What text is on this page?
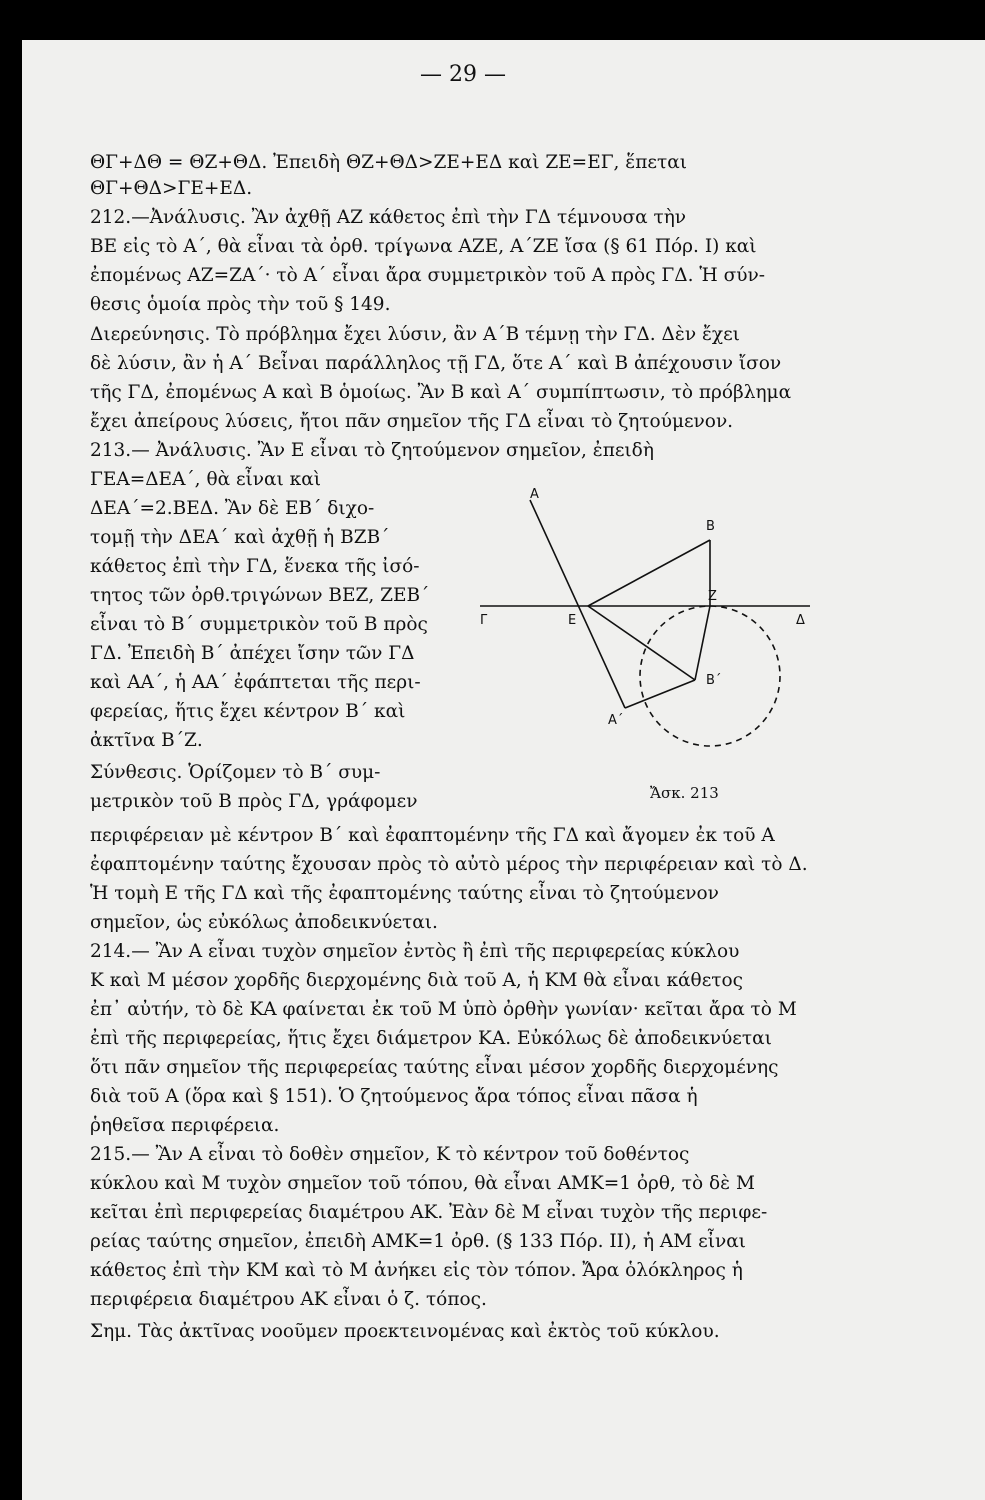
— 29 —
ΘΓ+ΔΘ = ΘΖ+ΘΔ. Ἐπειδὴ ΘΖ+ΘΔ>ΖΕ+ΕΔ καὶ ΖΕ=ΕΓ, ἕπεται
ΘΓ+ΘΔ>ΓΕ+ΕΔ.
212.—Ἀνάλυσις. Ἂν ἀχθῇ ΑΖ κάθετος ἐπὶ τὴν ΓΔ τέμνουσα τὴν
ΒΕ εἰς τὸ Α΄, θὰ εἶναι τὰ ὀρθ. τρίγωνα ΑΖΕ, Α΄ΖΕ ἴσα (§ 61 Πόρ. I) καὶ
ἐπομένως ΑΖ=ΖΑ΄· τὸ Α΄ εἶναι ἄρα συμμετρικὸν τοῦ Α πρὸς ΓΔ. Ἡ σύν-
θεσις ὁμοία πρὸς τὴν τοῦ § 149.
Διερεύνησις. Τὸ πρόβλημα ἔχει λύσιν, ἂν Α΄Β τέμνῃ τὴν ΓΔ. Δὲν ἔχει
δὲ λύσιν, ἂν ἡ Α΄ Βεἶναι παράλληλος τῇ ΓΔ, ὅτε Α΄ καὶ Β ἀπέχουσιν ἴσον
τῆς ΓΔ, ἐπομένως Α καὶ Β ὁμοίως. Ἂν Β καὶ Α΄ συμπίπτωσιν, τὸ πρόβλημα
ἔχει ἀπείρους λύσεις, ἤτοι πᾶν σημεῖον τῆς ΓΔ εἶναι τὸ ζητούμενον.
213.— Ἀνάλυσις. Ἂν Ε εἶναι τὸ ζητούμενον σημεῖον, ἐπειδὴ
ΓΕΑ=ΔΕΑ΄, θὰ εἶναι καὶ
ΔΕΑ΄=2.ΒΕΔ. Ἂν δὲ ΕΒ΄ διχο-
τομῇ τὴν ΔΕΑ΄ καὶ ἀχθῇ ἡ ΒΖΒ΄
κάθετος ἐπὶ τὴν ΓΔ, ἕνεκα τῆς ἰσό-
τητος τῶν ὀρθ.τριγώνων ΒΕΖ, ΖΕΒ΄
εἶναι τὸ Β΄ συμμετρικὸν τοῦ Β πρὸς
ΓΔ. Ἐπειδὴ Β΄ ἀπέχει ἴσην τῶν ΓΔ
καὶ ΑΑ΄, ἡ ΑΑ΄ ἐφάπτεται τῆς περι-
φερείας, ἥτις ἔχει κέντρον Β΄ καὶ
ἀκτῖνα Β΄Ζ.
Σύνθεσις. Ὁρίζομεν τὸ Β΄ συμ-
μετρικὸν τοῦ Β πρὸς ΓΔ, γράφομεν
περιφέρειαν μὲ κέντρον Β΄ καὶ ἐφαπτομένην τῆς ΓΔ καὶ ἄγομεν ἐκ τοῦ Α
ἐφαπτομένην ταύτης ἔχουσαν πρὸς τὸ αὐτὸ μέρος τὴν περιφέρειαν καὶ τὸ Δ.
Ἡ τομὴ Ε τῆς ΓΔ καὶ τῆς ἐφαπτομένης ταύτης εἶναι τὸ ζητούμενον
σημεῖον, ὡς εὐκόλως ἀποδεικνύεται.
214.— Ἂν Α εἶναι τυχὸν σημεῖον ἐντὸς ἢ ἐπὶ τῆς περιφερείας κύκλου
Κ καὶ Μ μέσον χορδῆς διερχομένης διὰ τοῦ Α, ἡ ΚΜ θὰ εἶναι κάθετος
ἐπ᾽ αὐτήν, τὸ δὲ ΚΑ φαίνεται ἐκ τοῦ Μ ὑπὸ ὀρθὴν γωνίαν· κεῖται ἄρα τὸ Μ
ἐπὶ τῆς περιφερείας, ἥτις ἔχει διάμετρον ΚΑ. Εὐκόλως δὲ ἀποδεικνύεται
ὅτι πᾶν σημεῖον τῆς περιφερείας ταύτης εἶναι μέσον χορδῆς διερχομένης
διὰ τοῦ Α (ὅρα καὶ § 151). Ὁ ζητούμενος ἄρα τόπος εἶναι πᾶσα ἡ
ῥηθεῖσα περιφέρεια.
215.— Ἂν Α εἶναι τὸ δοθὲν σημεῖον, Κ τὸ κέντρον τοῦ δοθέντος
κύκλου καὶ Μ τυχὸν σημεῖον τοῦ τόπου, θὰ εἶναι ΑΜΚ=1 ὀρθ, τὸ δὲ Μ
κεῖται ἐπὶ περιφερείας διαμέτρου ΑΚ. Ἐὰν δὲ Μ εἶναι τυχὸν τῆς περιφε-
ρείας ταύτης σημεῖον, ἐπειδὴ ΑΜΚ=1 ὀρθ. (§ 133 Πόρ. II), ἡ ΑΜ εἶναι
κάθετος ἐπὶ τὴν ΚΜ καὶ τὸ Μ ἀνήκει εἰς τὸν τόπον. Ἄρα ὁλόκληρος ἡ
περιφέρεια διαμέτρου ΑΚ εἶναι ὁ ζ. τόπος.
Σημ. Τὰς ἀκτῖνας νοοῦμεν προεκτεινομένας καὶ ἐκτὸς τοῦ κύκλου.
A
B
Γ	E
Z
Δ
B΄
A΄
Ἄσκ. 213
